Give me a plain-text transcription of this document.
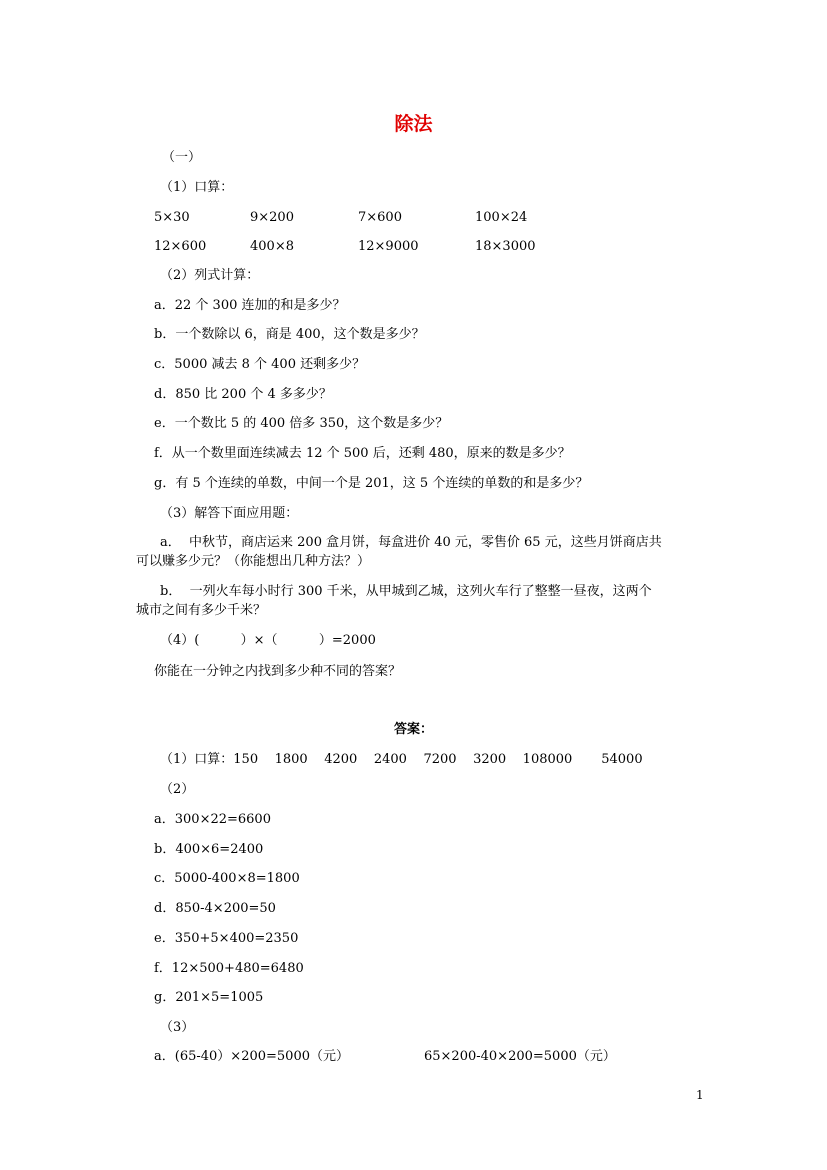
除法
（一）
（1）口算：
5×30	9×200	7×600	100×24
12×600	400×8	12×9000	18×3000
（2）列式计算：
a．22 个 300 连加的和是多少？
b．一个数除以 6，商是 400，这个数是多少？
c．5000 减去 8 个 400 还剩多少？
d．850 比 200 个 4 多多少？
e．一个数比 5 的 400 倍多 350，这个数是多少？
f．从一个数里面连续减去 12 个 500 后，还剩 480，原来的数是多少？
g．有 5 个连续的单数，中间一个是 201，这 5 个连续的单数的和是多少？
（3）解答下面应用题：
a．  中秋节，商店运来 200 盒月饼，每盒进价 40 元，零售价 65 元，这些月饼商店共
可以赚多少元？（你能想出几种方法？）
b．  一列火车每小时行 300 千米，从甲城到乙城，这列火车行了整整一昼夜，这两个
城市之间有多少千米？
（4）(          ）×（          ）=2000
你能在一分钟之内找到多少种不同的答案？
答案：
（1）口算：150    1800    4200    2400    7200    3200    108000       54000
（2）
a．300×22=6600
b．400×6=2400
c．5000-400×8=1800
d．850-4×200=50
e．350+5×400=2350
f．12×500+480=6480
g．201×5=1005
（3）
a．(65-40）×200=5000（元）	65×200-40×200=5000（元）
1
